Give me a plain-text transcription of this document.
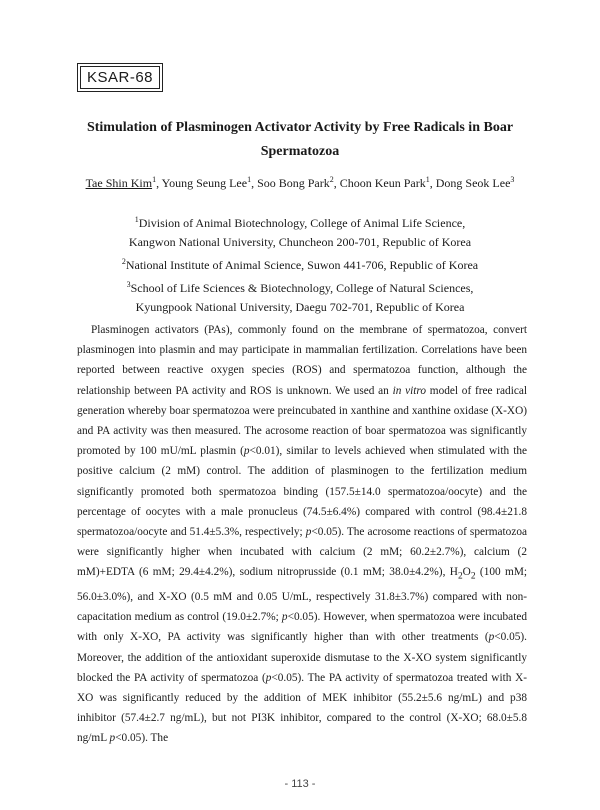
KSAR-68
Stimulation of Plasminogen Activator Activity by Free Radicals in Boar Spermatozoa
Tae Shin Kim$^1$, Young Seung Lee$^1$, Soo Bong Park$^2$, Choon Keun Park$^1$, Dong Seok Lee$^3$
$^1$Division of Animal Biotechnology, College of Animal Life Science,
Kangwon National University, Chuncheon 200-701, Republic of Korea
$^2$National Institute of Animal Science, Suwon 441-706, Republic of Korea
$^3$School of Life Sciences & Biotechnology, College of Natural Sciences,
Kyungpook National University, Daegu 702-701, Republic of Korea

Plasminogen activators (PAs), commonly found on the membrane of spermatozoa, convert plasminogen into plasmin and may participate in mammalian fertilization. Correlations have been reported between reactive oxygen species (ROS) and spermatozoa function, although the relationship between PA activity and ROS is unknown. We used an in vitro model of free radical generation whereby boar spermatozoa were preincubated in xanthine and xanthine oxidase (X-XO) and PA activity was then measured. The acrosome reaction of boar spermatozoa was significantly promoted by 100 mU/mL plasmin (p<0.01), similar to levels achieved when stimulated with the positive calcium (2 mM) control. The addition of plasminogen to the fertilization medium significantly promoted both spermatozoa binding (157.5±14.0 spermatozoa/oocyte) and the percentage of oocytes with a male pronucleus (74.5±6.4%) compared with control (98.4±21.8 spermatozoa/oocyte and 51.4±5.3%, respectively; p<0.05). The acrosome reactions of spermatozoa were significantly higher when incubated with calcium (2 mM; 60.2±2.7%), calcium (2 mM)+EDTA (6 mM; 29.4±4.2%), sodium nitroprusside (0.1 mM; 38.0±4.2%), $H_2O_2$ (100 mM; 56.0±3.0%), and X-XO (0.5 mM and 0.05 U/mL, respectively 31.8±3.7%) compared with non-capacitation medium as control (19.0±2.7%; p<0.05). However, when spermatozoa were incubated with only X-XO, PA activity was significantly higher than with other treatments (p<0.05). Moreover, the addition of the antioxidant superoxide dismutase to the X-XO system significantly blocked the PA activity of spermatozoa (p<0.05). The PA activity of spermatozoa treated with X- XO was significantly reduced by the addition of MEK inhibitor (55.2±5.6 ng/mL) and p38 inhibitor (57.4±2.7 ng/mL), but not PI3K inhibitor, compared to the control (X-XO; 68.0±5.8 ng/mL p<0.05). The

- 113 -
